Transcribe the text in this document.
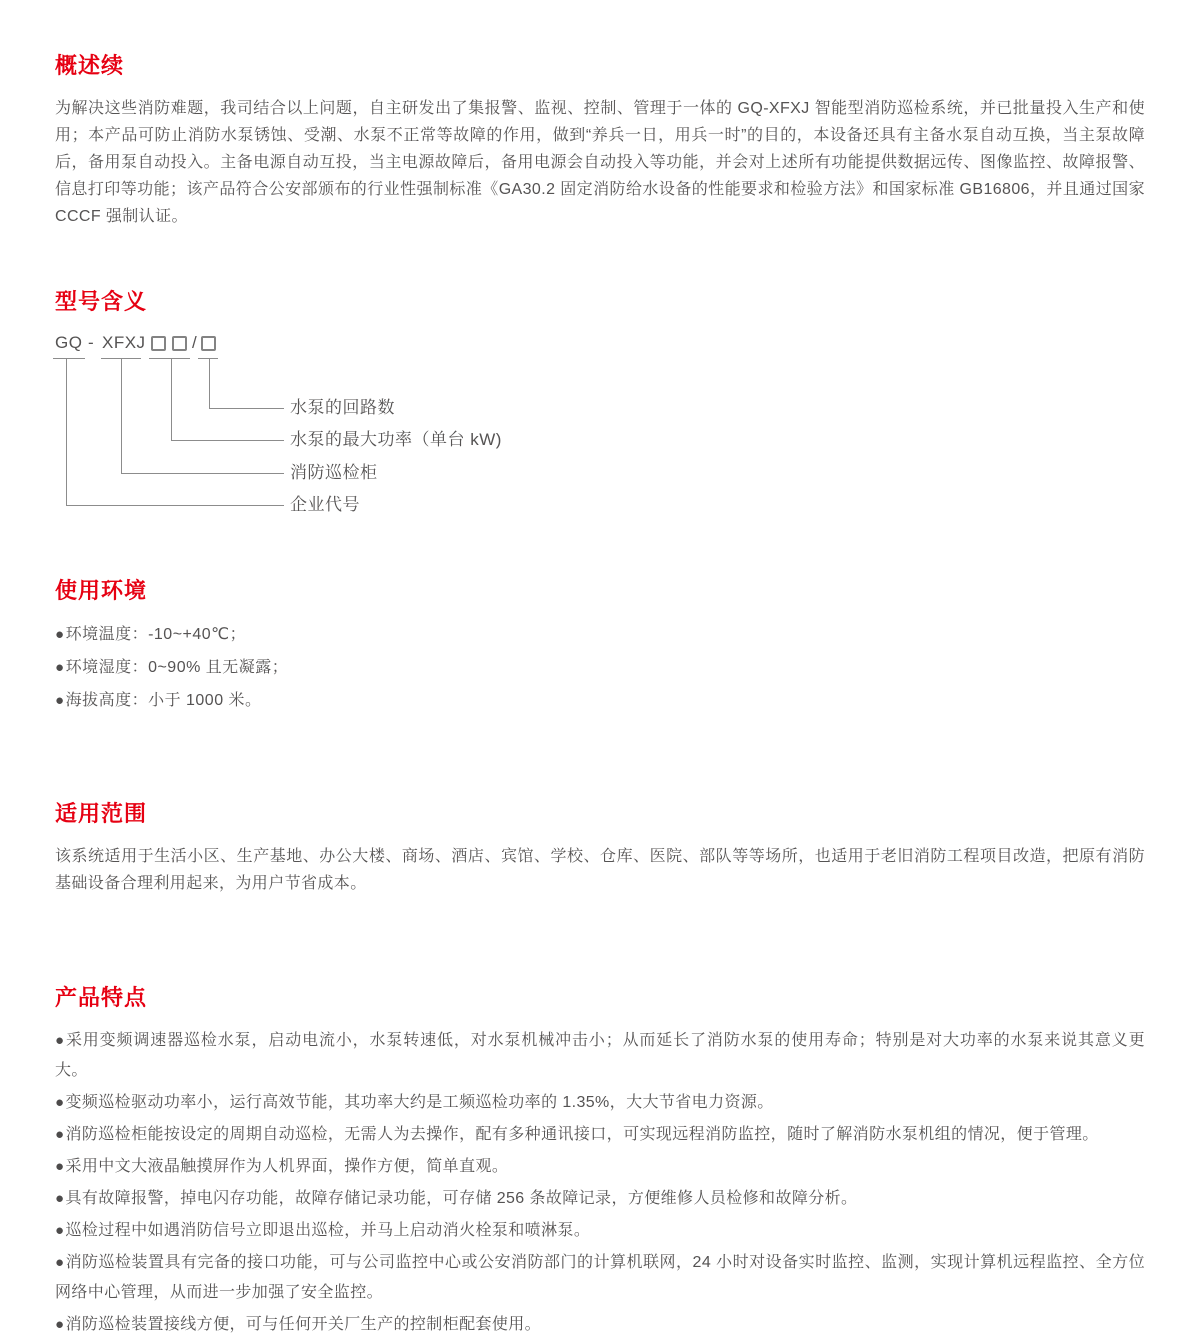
概述续

为解决这些消防难题，我司结合以上问题，自主研发出了集报警、监视、控制、管理于一体的 GQ-XFXJ 智能型消防巡检系统，并已批量投入生产和使用；本产品可防止消防水泵锈蚀、受潮、水泵不正常等故障的作用，做到“养兵一日，用兵一时”的目的，本设备还具有主备水泵自动互换，当主泵故障后，备用泵自动投入。主备电源自动互投，当主电源故障后，备用电源会自动投入等功能，并会对上述所有功能提供数据远传、图像监控、故障报警、信息打印等功能；该产品符合公安部颁布的行业性强制标准《GA30.2 固定消防给水设备的性能要求和检验方法》和国家标准 GB16806，并且通过国家 CCCF 强制认证。

型号含义
GQ - XFXJ	/
水泵的回路数
水泵的最大功率（单台 kW)
消防巡检柜
企业代号
使用环境
●环境温度：-10~+40℃；
●环境湿度：0~90% 且无凝露；
●海拔高度：小于 1000 米。
适用范围

该系统适用于生活小区、生产基地、办公大楼、商场、酒店、宾馆、学校、仓库、医院、部队等等场所，也适用于老旧消防工程项目改造，把原有消防基础设备合理利用起来，为用户节省成本。

产品特点
●采用变频调速器巡检水泵，启动电流小，水泵转速低，对水泵机械冲击小；从而延长了消防水泵的使用寿命；特别是对大功率的水泵来说其意义更大。
●变频巡检驱动功率小，运行高效节能，其功率大约是工频巡检功率的 1.35%，大大节省电力资源。
●消防巡检柜能按设定的周期自动巡检，无需人为去操作，配有多种通讯接口，可实现远程消防监控，随时了解消防水泵机组的情况，便于管理。
●采用中文大液晶触摸屏作为人机界面，操作方便，简单直观。
●具有故障报警，掉电闪存功能，故障存储记录功能，可存储 256 条故障记录，方便维修人员检修和故障分析。
●巡检过程中如遇消防信号立即退出巡检，并马上启动消火栓泵和喷淋泵。
●消防巡检装置具有完备的接口功能，可与公司监控中心或公安消防部门的计算机联网，24 小时对设备实时监控、监测，实现计算机远程监控、全方位网络中心管理，从而进一步加强了安全监控。
●消防巡检装置接线方便，可与任何开关厂生产的控制柜配套使用。
